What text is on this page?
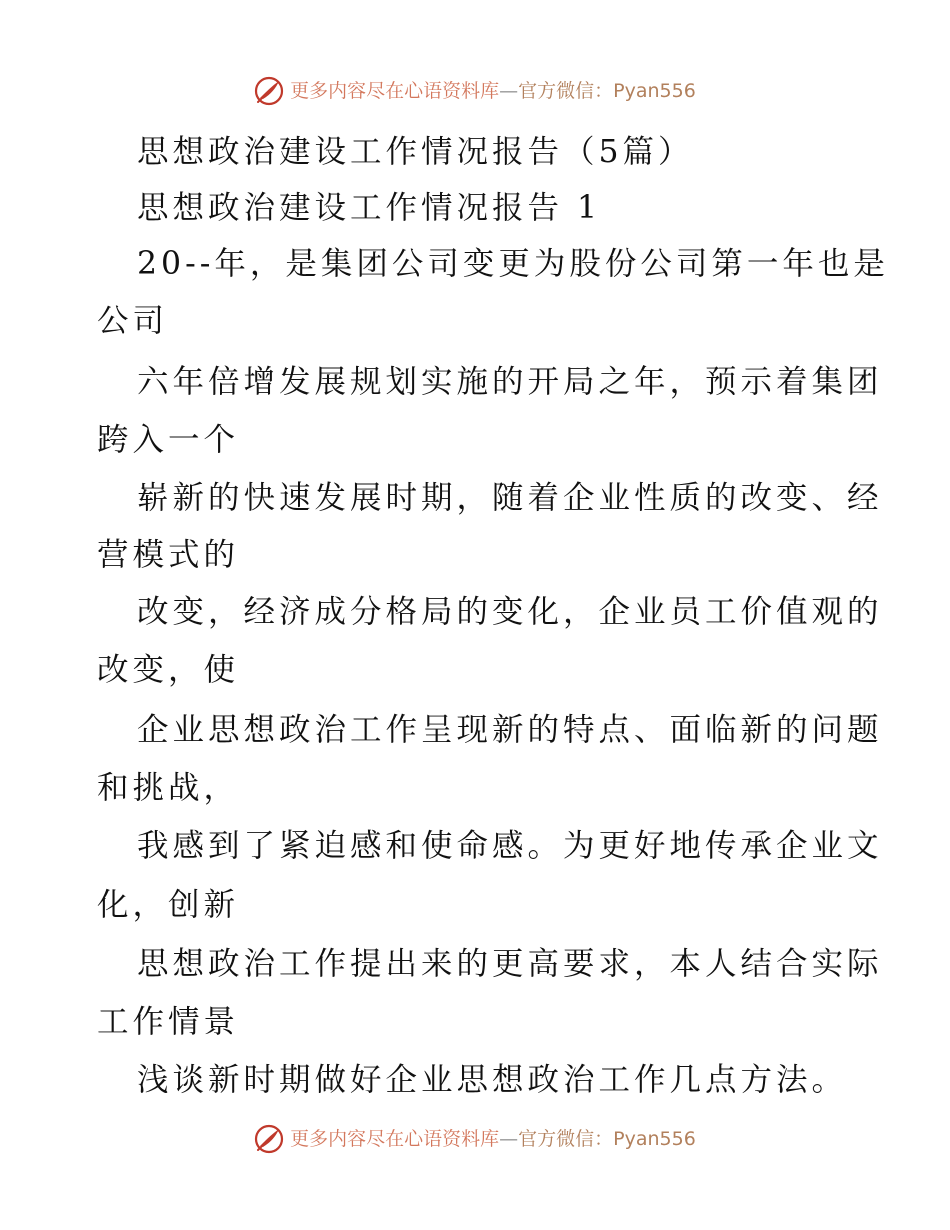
更多内容尽在心语资料库 — 官方微信：Pyan556
思想政治建设工作情况报告（5篇）
思想政治建设工作情况报告 1
20--年，是集团公司变更为股份公司第一年也是
公司
六年倍增发展规划实施的开局之年，预示着集团
跨入一个
崭新的快速发展时期，随着企业性质的改变、经
营模式的
改变，经济成分格局的变化，企业员工价值观的
改变，使
企业思想政治工作呈现新的特点、面临新的问题
和挑战，
我感到了紧迫感和使命感。为更好地传承企业文
化，创新
思想政治工作提出来的更高要求，本人结合实际
工作情景
浅谈新时期做好企业思想政治工作几点方法。
更多内容尽在心语资料库 — 官方微信：Pyan556
